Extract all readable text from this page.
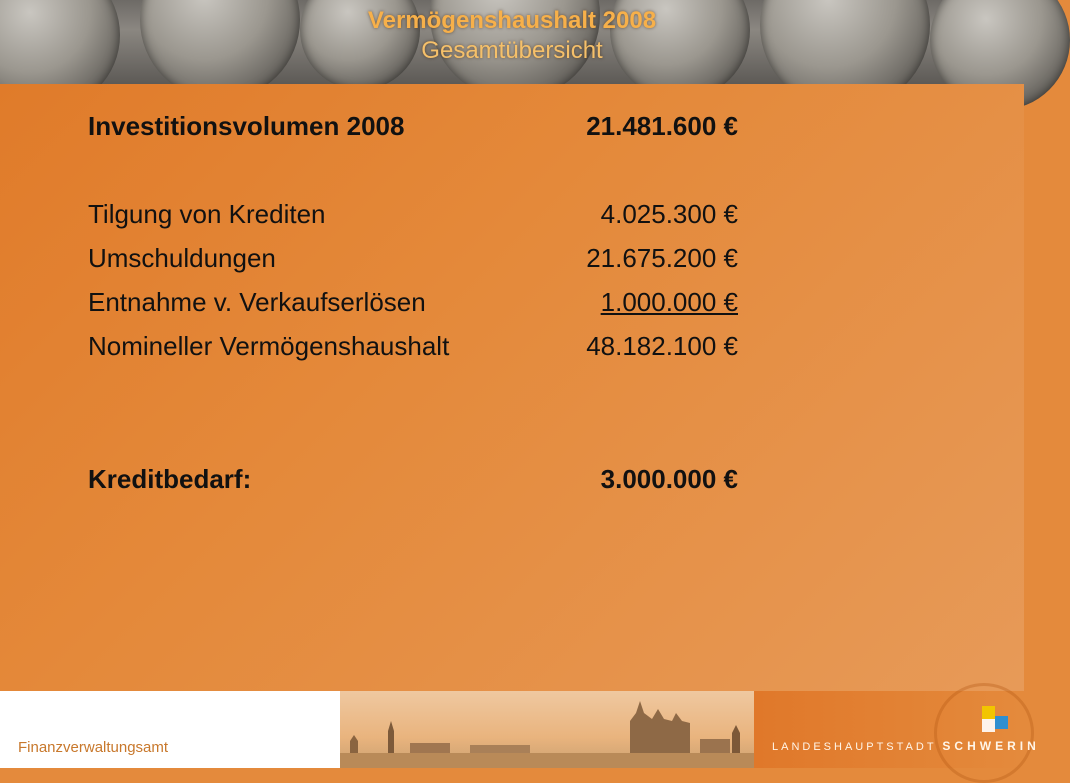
Vermögenshaushalt 2008
Gesamtübersicht
Investitionsvolumen 2008	21.481.600 €
Tilgung von Krediten	4.025.300 €
Umschuldungen	21.675.200 €
Entnahme v. Verkaufserlösen	1.000.000 €
Nomineller Vermögenshaushalt	48.182.100 €
Kreditbedarf:	3.000.000 €
Finanzverwaltungsamt	LANDESHAUPTSTADT SCHWERIN
